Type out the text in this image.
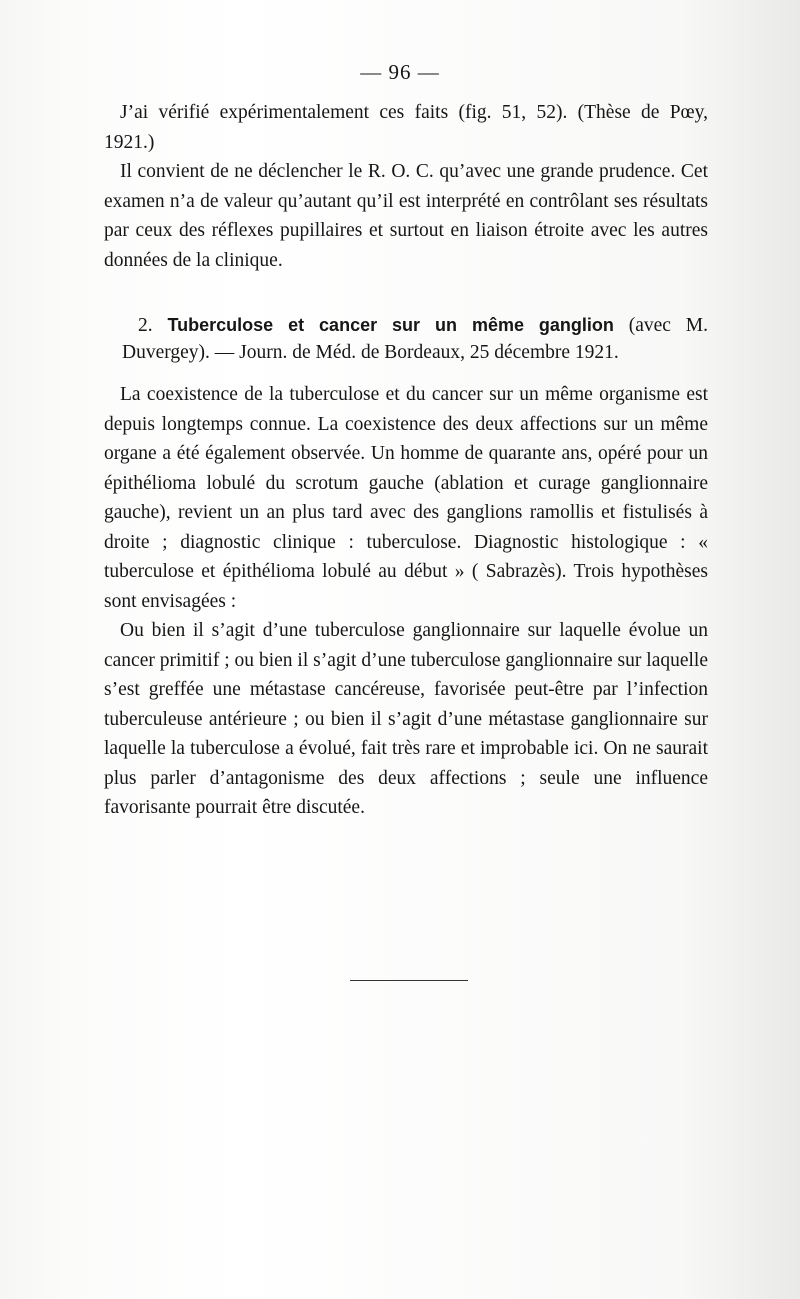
— 96 —

J’ai vérifié expérimentalement ces faits (fig. 51, 52). (Thèse de Pœy, 1921.)

Il convient de ne déclencher le R. O. C. qu’avec une grande prudence. Cet examen n’a de valeur qu’autant qu’il est interprété en contrôlant ses résultats par ceux des réflexes pupillaires et surtout en liaison étroite avec les autres données de la clinique.

2. Tuberculose et cancer sur un même ganglion (avec M. Duvergey). — Journ. de Méd. de Bordeaux, 25 décembre 1921.

La coexistence de la tuberculose et du cancer sur un même organisme est depuis longtemps connue. La coexistence des deux affections sur un même organe a été également observée. Un homme de quarante ans, opéré pour un épithélioma lobulé du scrotum gauche (ablation et curage ganglionnaire gauche), revient un an plus tard avec des ganglions ramollis et fistulisés à droite ; diagnostic clinique : tuberculose. Diagnostic histologique : « tuberculose et épithélioma lobulé au début » ( Sabrazès). Trois hypothèses sont envisagées :

Ou bien il s’agit d’une tuberculose ganglionnaire sur laquelle évolue un cancer primitif ; ou bien il s’agit d’une tuberculose ganglionnaire sur laquelle s’est greffée une métastase cancéreuse, favorisée peut-être par l’infection tuberculeuse antérieure ; ou bien il s’agit d’une métastase ganglionnaire sur laquelle la tuberculose a évolué, fait très rare et improbable ici. On ne saurait plus parler d’antagonisme des deux affections ; seule une influence favorisante pourrait être discutée.
